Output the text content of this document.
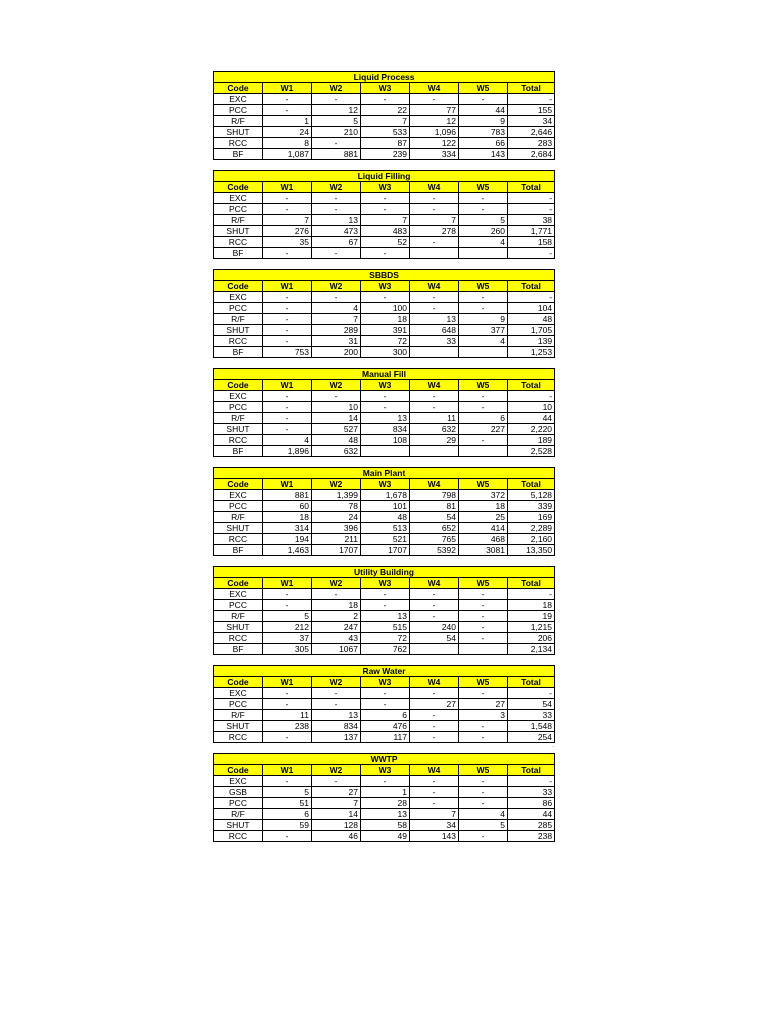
Liquid Process						
Code	W1	W2	W3	W4	W5	Total
EXC	-	-	-	-	-	-
PCC	-	12	22	77	44	155
R/F	1	5	7	12	9	34
SHUT	24	210	533	1,096	783	2,646
RCC	8	-	87	122	66	283
BF	1,087	881	239	334	143	2,684
Liquid Filling						
Code	W1	W2	W3	W4	W5	Total
EXC	-	-	-	-	-	-
PCC	-	-	-	-	-	-
R/F	7	13	7	7	5	38
SHUT	276	473	483	278	260	1,771
RCC	35	67	52	-	4	158
BF	-	-	-			-
SBBDS						
Code	W1	W2	W3	W4	W5	Total
EXC	-	-	-	-	-	-
PCC	-	4	100	-	-	104
R/F	-	7	18	13	9	48
SHUT	-	289	391	648	377	1,705
RCC	-	31	72	33	4	139
BF	753	200	300			1,253
Manual Fill						
Code	W1	W2	W3	W4	W5	Total
EXC	-	-	-	-	-	-
PCC	-	10	-	-	-	10
R/F	-	14	13	11	6	44
SHUT	-	527	834	632	227	2,220
RCC	4	48	108	29	-	189
BF	1,896	632				2,528
Main Plant						
Code	W1	W2	W3	W4	W5	Total
EXC	881	1,399	1,678	798	372	5,128
PCC	60	78	101	81	18	339
R/F	18	24	48	54	25	169
SHUT	314	396	513	652	414	2,289
RCC	194	211	521	765	468	2,160
BF	1,463	1707	1707	5392	3081	13,350
Utility Building						
Code	W1	W2	W3	W4	W5	Total
EXC	-	-	-	-	-	-
PCC	-	18	-	-	-	18
R/F	5	2	13	-	-	19
SHUT	212	247	515	240	-	1,215
RCC	37	43	72	54	-	206
BF	305	1067	762			2,134
Raw Water						
Code	W1	W2	W3	W4	W5	Total
EXC	-	-	-	-	-	-
PCC	-	-	-	27	27	54
R/F	11	13	6	-	3	33
SHUT	238	834	476	-	-	1,548
RCC	-	137	117	-	-	254
.
WWTP						
Code	W1	W2	W3	W4	W5	Total
EXC	-	-	-	-	-	-
GSB	5	27	1	-	-	33
PCC	51	7	28	-	-	86
R/F	6	14	13	7	4	44
SHUT	59	128	58	34	5	285
RCC	-	46	49	143	-	238
